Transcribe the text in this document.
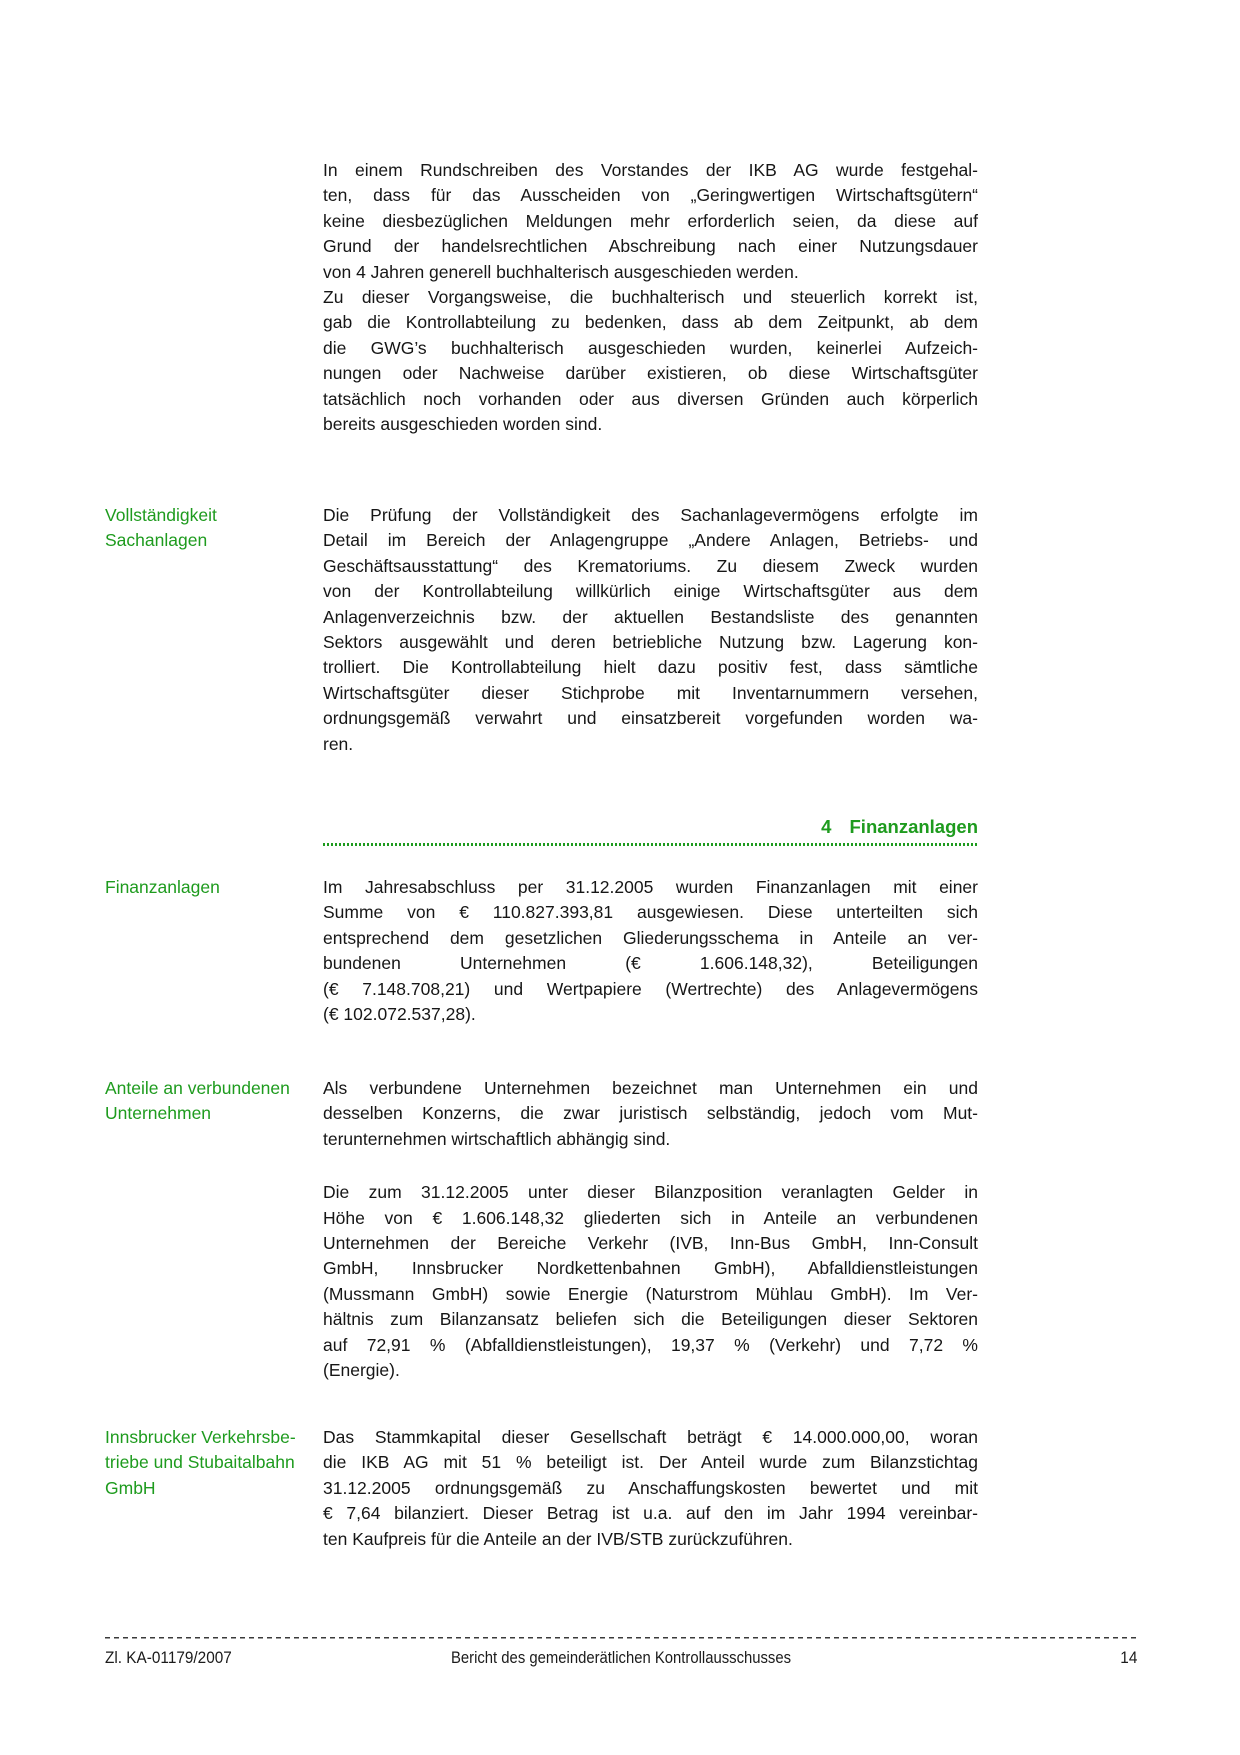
In einem Rundschreiben des Vorstandes der IKB AG wurde festgehal-
ten, dass für das Ausscheiden von „Geringwertigen Wirtschaftsgütern“
keine diesbezüglichen Meldungen mehr erforderlich seien, da diese auf
Grund der handelsrechtlichen Abschreibung nach einer Nutzungsdauer
von 4 Jahren generell buchhalterisch ausgeschieden werden.
Zu dieser Vorgangsweise, die buchhalterisch und steuerlich korrekt ist,
gab die Kontrollabteilung zu bedenken, dass ab dem Zeitpunkt, ab dem
die GWG’s buchhalterisch ausgeschieden wurden, keinerlei Aufzeich-
nungen oder Nachweise darüber existieren, ob diese Wirtschaftsgüter
tatsächlich noch vorhanden oder aus diversen Gründen auch körperlich
bereits ausgeschieden worden sind.
Vollständigkeit
Sachanlagen
Die Prüfung der Vollständigkeit des Sachanlagevermögens erfolgte im
Detail im Bereich der Anlagengruppe „Andere Anlagen, Betriebs- und
Geschäftsausstattung“ des Krematoriums. Zu diesem Zweck wurden
von der Kontrollabteilung willkürlich einige Wirtschaftsgüter aus dem
Anlagenverzeichnis bzw. der aktuellen Bestandsliste des genannten
Sektors ausgewählt und deren betriebliche Nutzung bzw. Lagerung kon-
trolliert. Die Kontrollabteilung hielt dazu positiv fest, dass sämtliche
Wirtschaftsgüter dieser Stichprobe mit Inventarnummern versehen,
ordnungsgemäß verwahrt und einsatzbereit vorgefunden worden wa-
ren.
4 Finanzanlagen
Finanzanlagen	Im Jahresabschluss per 31.12.2005 wurden Finanzanlagen mit einer
Summe von € 110.827.393,81 ausgewiesen. Diese unterteilten sich
entsprechend dem gesetzlichen Gliederungsschema in Anteile an ver-
bundenen Unternehmen (€ 1.606.148,32), Beteiligungen
(€ 7.148.708,21) und Wertpapiere (Wertrechte) des Anlagevermögens
(€ 102.072.537,28).
Anteile an verbundenen
Unternehmen
Als verbundene Unternehmen bezeichnet man Unternehmen ein und
desselben Konzerns, die zwar juristisch selbständig, jedoch vom Mut-
terunternehmen wirtschaftlich abhängig sind.
Die zum 31.12.2005 unter dieser Bilanzposition veranlagten Gelder in
Höhe von € 1.606.148,32 gliederten sich in Anteile an verbundenen
Unternehmen der Bereiche Verkehr (IVB, Inn-Bus GmbH, Inn-Consult
GmbH, Innsbrucker Nordkettenbahnen GmbH), Abfalldienstleistungen
(Mussmann GmbH) sowie Energie (Naturstrom Mühlau GmbH). Im Ver-
hältnis zum Bilanzansatz beliefen sich die Beteiligungen dieser Sektoren
auf 72,91 % (Abfalldienstleistungen), 19,37 % (Verkehr) und 7,72 %
(Energie).
Innsbrucker Verkehrsbe-
triebe und Stubaitalbahn
GmbH
Das Stammkapital dieser Gesellschaft beträgt € 14.000.000,00, woran
die IKB AG mit 51 % beteiligt ist. Der Anteil wurde zum Bilanzstichtag
31.12.2005 ordnungsgemäß zu Anschaffungskosten bewertet und mit
€ 7,64 bilanziert. Dieser Betrag ist u.a. auf den im Jahr 1994 vereinbar-
ten Kaufpreis für die Anteile an der IVB/STB zurückzuführen.
Zl. KA-01179/2007	Bericht des gemeinderätlichen Kontrollausschusses	14
